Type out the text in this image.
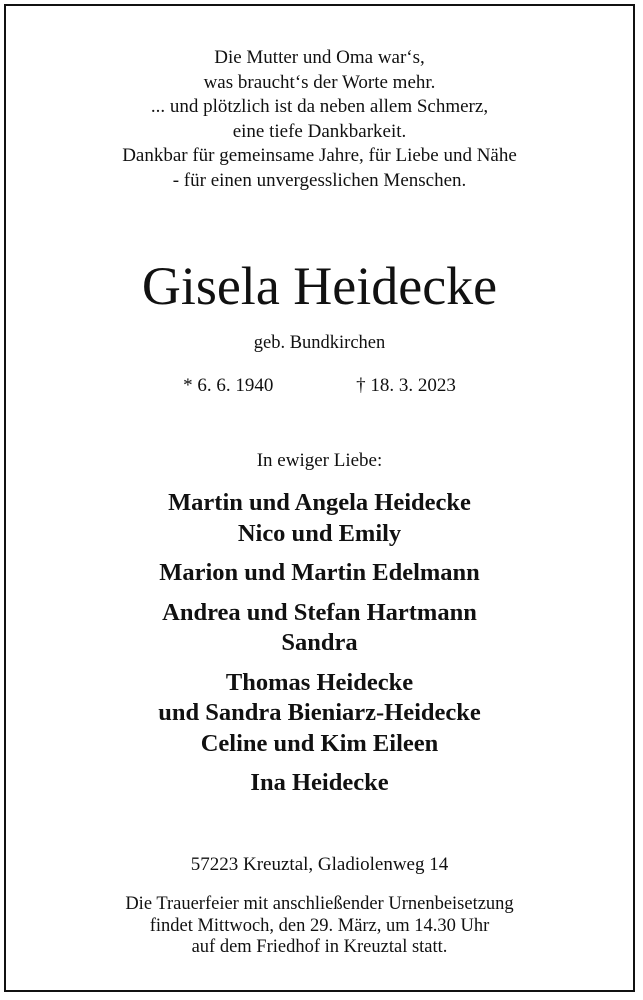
Die Mutter und Oma war‘s,
was braucht‘s der Worte mehr.
... und plötzlich ist da neben allem Schmerz,
eine tiefe Dankbarkeit.
Dankbar für gemeinsame Jahre, für Liebe und Nähe
- für einen unvergesslichen Menschen.
Gisela Heidecke
geb. Bundkirchen
* 6. 6. 1940	† 18. 3. 2023
In ewiger Liebe:
Martin und Angela Heidecke
Nico und Emily
Marion und Martin Edelmann
Andrea und Stefan Hartmann
Sandra
Thomas Heidecke
und Sandra Bieniarz-Heidecke
Celine und Kim Eileen
Ina Heidecke
57223 Kreuztal, Gladiolenweg 14
Die Trauerfeier mit anschließender Urnenbeisetzung
findet Mittwoch, den 29. März, um 14.30 Uhr
auf dem Friedhof in Kreuztal statt.
